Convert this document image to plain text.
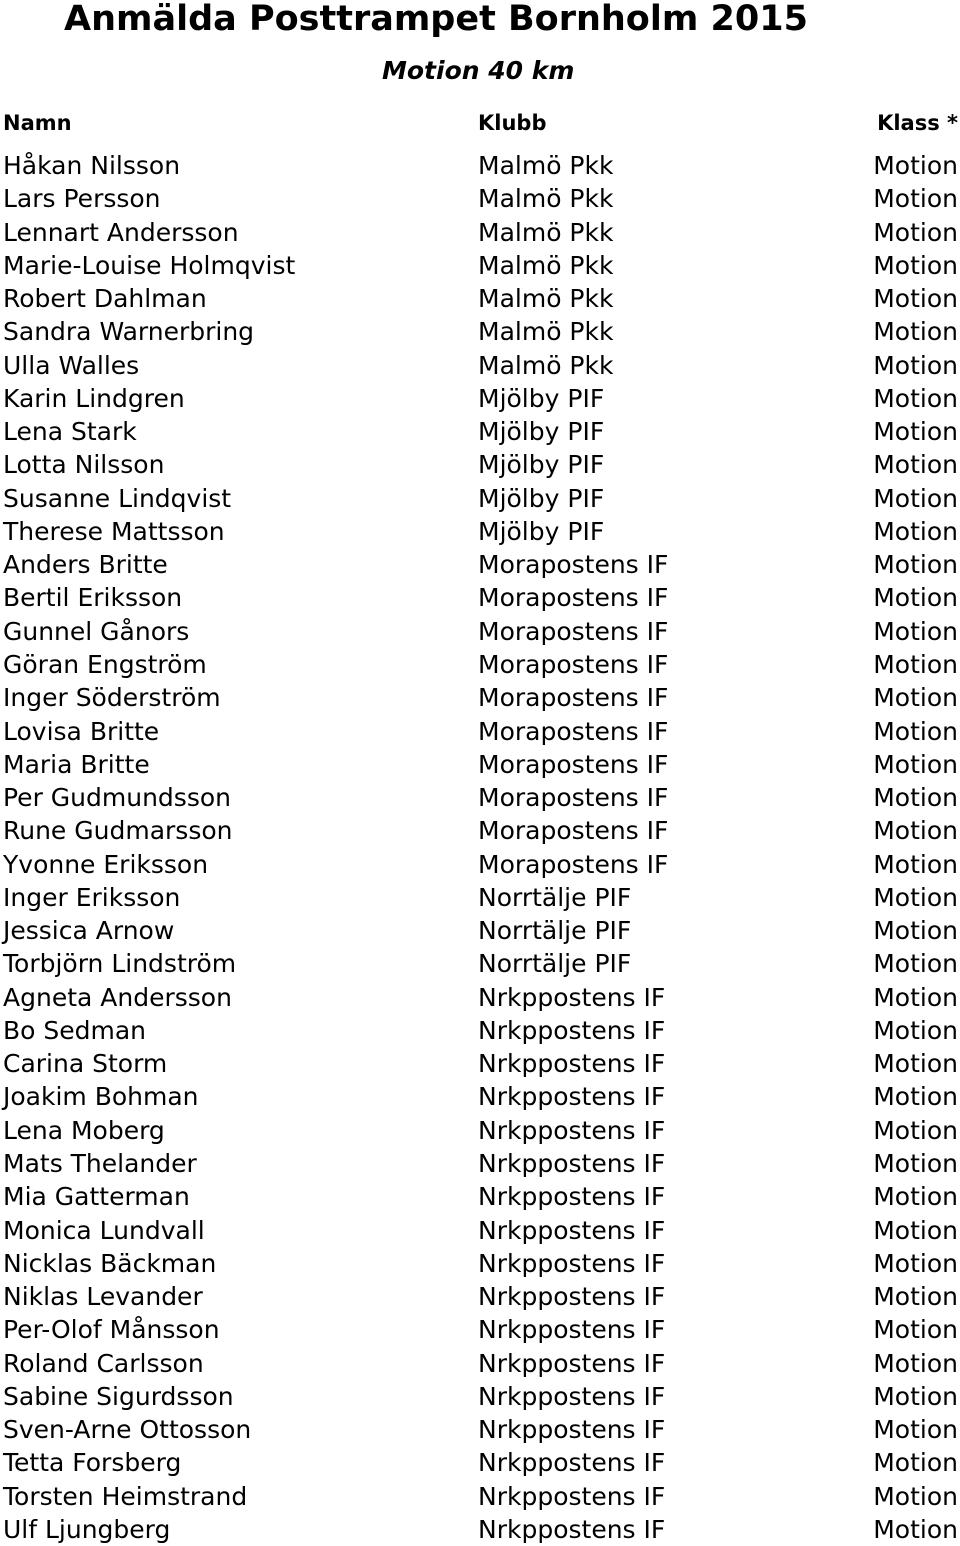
Anmälda Posttrampet Bornholm 2015
Motion 40 km
Namn	Klubb	Klass *
Håkan Nilsson	Malmö Pkk	Motion
Lars Persson	Malmö Pkk	Motion
Lennart Andersson	Malmö Pkk	Motion
Marie-Louise Holmqvist	Malmö Pkk	Motion
Robert Dahlman	Malmö Pkk	Motion
Sandra Warnerbring	Malmö Pkk	Motion
Ulla Walles	Malmö Pkk	Motion
Karin Lindgren	Mjölby PIF	Motion
Lena Stark	Mjölby PIF	Motion
Lotta Nilsson	Mjölby PIF	Motion
Susanne Lindqvist	Mjölby PIF	Motion
Therese Mattsson	Mjölby PIF	Motion
Anders Britte	Morapostens IF	Motion
Bertil Eriksson	Morapostens IF	Motion
Gunnel Gånors	Morapostens IF	Motion
Göran Engström	Morapostens IF	Motion
Inger Söderström	Morapostens IF	Motion
Lovisa Britte	Morapostens IF	Motion
Maria Britte	Morapostens IF	Motion
Per Gudmundsson	Morapostens IF	Motion
Rune Gudmarsson	Morapostens IF	Motion
Yvonne Eriksson	Morapostens IF	Motion
Inger Eriksson	Norrtälje PIF	Motion
Jessica Arnow	Norrtälje PIF	Motion
Torbjörn Lindström	Norrtälje PIF	Motion
Agneta Andersson	Nrkppostens IF	Motion
Bo Sedman	Nrkppostens IF	Motion
Carina Storm	Nrkppostens IF	Motion
Joakim Bohman	Nrkppostens IF	Motion
Lena Moberg	Nrkppostens IF	Motion
Mats Thelander	Nrkppostens IF	Motion
Mia Gatterman	Nrkppostens IF	Motion
Monica Lundvall	Nrkppostens IF	Motion
Nicklas Bäckman	Nrkppostens IF	Motion
Niklas Levander	Nrkppostens IF	Motion
Per-Olof Månsson	Nrkppostens IF	Motion
Roland Carlsson	Nrkppostens IF	Motion
Sabine Sigurdsson	Nrkppostens IF	Motion
Sven-Arne Ottosson	Nrkppostens IF	Motion
Tetta Forsberg	Nrkppostens IF	Motion
Torsten Heimstrand	Nrkppostens IF	Motion
Ulf Ljungberg	Nrkppostens IF	Motion
